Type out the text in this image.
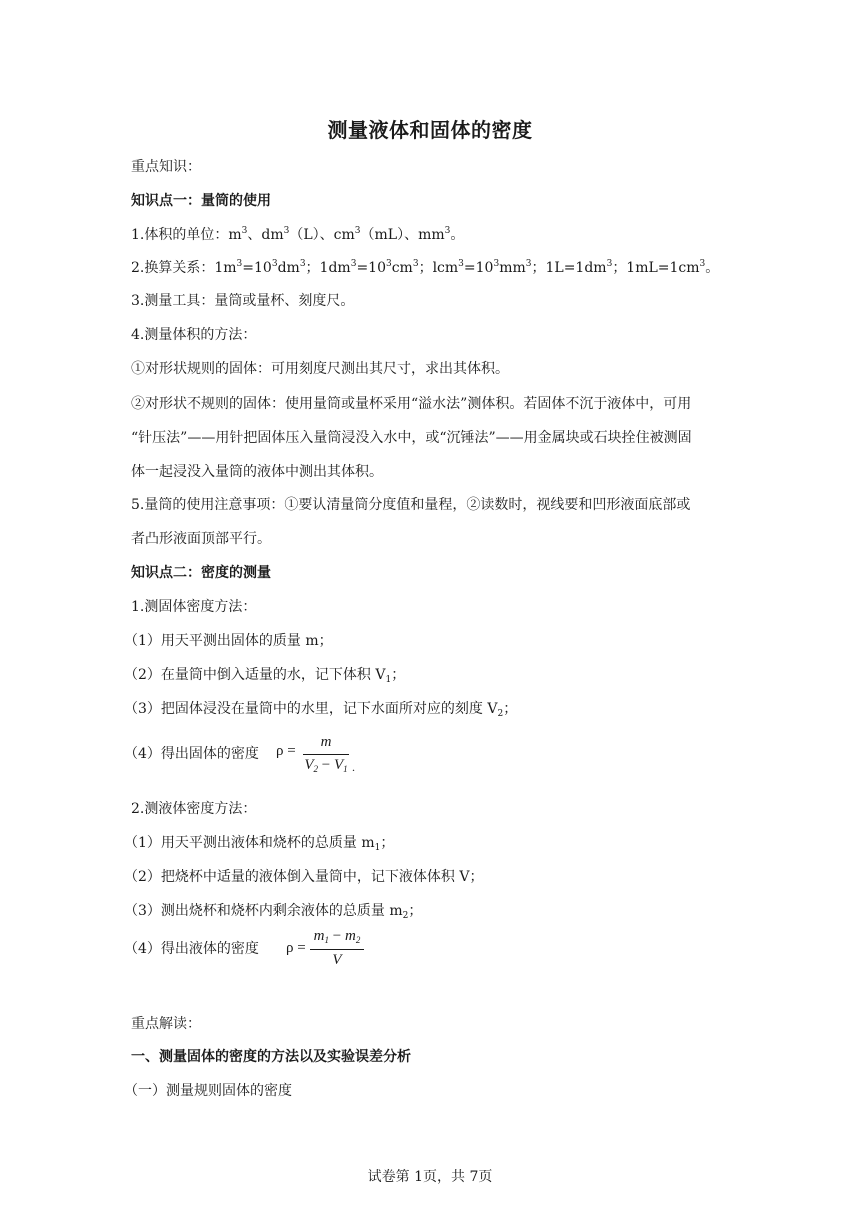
测量液体和固体的密度
重点知识：
知识点一：量筒的使用
1.体积的单位：$m^3$、$dm^3(L)$、$cm^3(mL)$、$mm^3$。
2.换算关系：$1m^3=10^3dm^3$；$1dm^3=10^3cm^3$；$lcm^3=10^3mm^3$；$1L=1dm^3$；$1mL=1cm^3$。
3.测量工具：量筒或量杯、刻度尺。
4.测量体积的方法：
①对形状规则的固体：可用刻度尺测出其尺寸，求出其体积。
②对形状不规则的固体：使用量筒或量杯采用“溢水法”测体积。若固体不沉于液体中，可用
“针压法”——用针把固体压入量筒浸没入水中，或“沉锤法”——用金属块或石块拴住被测固
体一起浸没入量筒的液体中测出其体积。
5.量筒的使用注意事项：①要认清量筒分度值和量程，②读数时，视线要和凹形液面底部或
者凸形液面顶部平行。
知识点二：密度的测量
1.测固体密度方法：
（1）用天平测出固体的质量 m；
（2）在量筒中倒入适量的水，记下体积 $V_1$；
（3）把固体浸没在量筒中的水里，记下水面所对应的刻度 $V_2$；
（4）得出固体的密度 ρ =
m
$V_2 - V_1$ .
2.测液体密度方法：
（1）用天平测出液体和烧杯的总质量 $m_1$；
（2）把烧杯中适量的液体倒入量筒中，记下液体体积 V；
（3）测出烧杯和烧杯内剩余液体的总质量 $m_2$；
（4）得出液体的密度 ρ =
$m_1 - m_2$
V
重点解读：
一、测量固体的密度的方法以及实验误差分析
（一）测量规则固体的密度
试卷第 1页，共 7页
